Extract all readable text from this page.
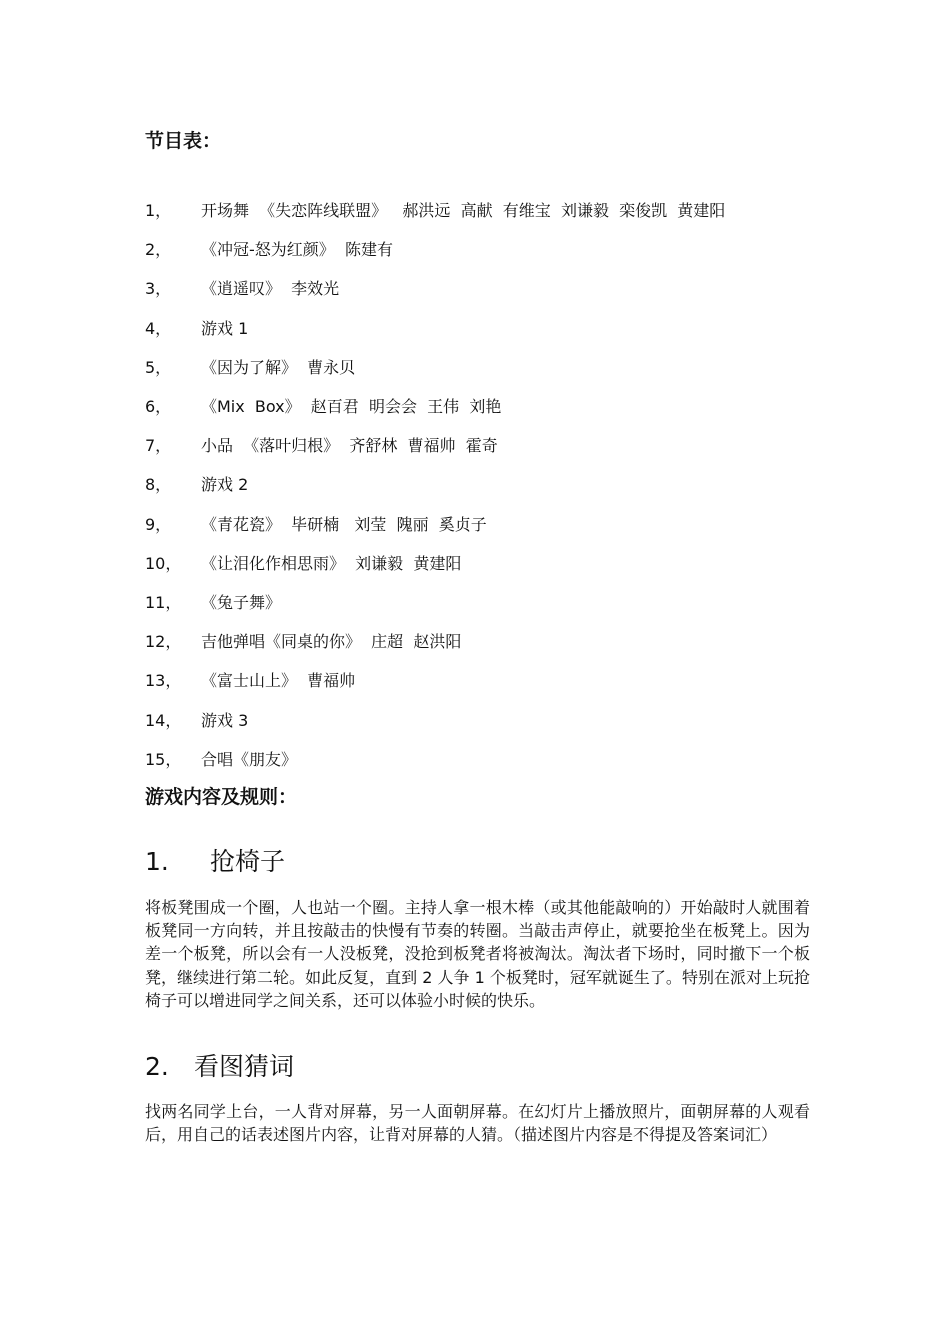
节目表：
1，	开场舞  《失恋阵线联盟》   郝洪远  高献  有维宝  刘谦毅  栾俊凯  黄建阳
2，	《冲冠-怒为红颜》  陈建有
3，	《逍遥叹》  李效光
4，	游戏 1
5，	《因为了解》  曹永贝
6，	《Mix  Box》  赵百君  明会会  王伟  刘艳
7，	小品  《落叶归根》  齐舒林  曹福帅  霍奇
8，	游戏 2
9，	《青花瓷》  毕研楠   刘莹  隗丽  奚贞子
10，	《让泪化作相思雨》  刘谦毅  黄建阳
11，	《兔子舞》
12，	吉他弹唱《同桌的你》  庄超  赵洪阳
13，	《富士山上》  曹福帅
14，	游戏 3
15，	合唱《朋友》
游戏内容及规则：
1.	抢椅子
将板凳围成一个圈，人也站一个圈。主持人拿一根木棒（或其他能敲响的）开始敲时人就围着板凳同一方向转，并且按敲击的快慢有节奏的转圈。当敲击声停止，就要抢坐在板凳上。因为差一个板凳，所以会有一人没板凳，没抢到板凳者将被淘汰。淘汰者下场时，同时撤下一个板凳，继续进行第二轮。如此反复，直到 2 人争 1 个板凳时，冠军就诞生了。特别在派对上玩抢椅子可以增进同学之间关系，还可以体验小时候的快乐。
2.	看图猜词
找两名同学上台，一人背对屏幕，另一人面朝屏幕。在幻灯片上播放照片，面朝屏幕的人观看后，用自己的话表述图片内容，让背对屏幕的人猜。（描述图片内容是不得提及答案词汇）
